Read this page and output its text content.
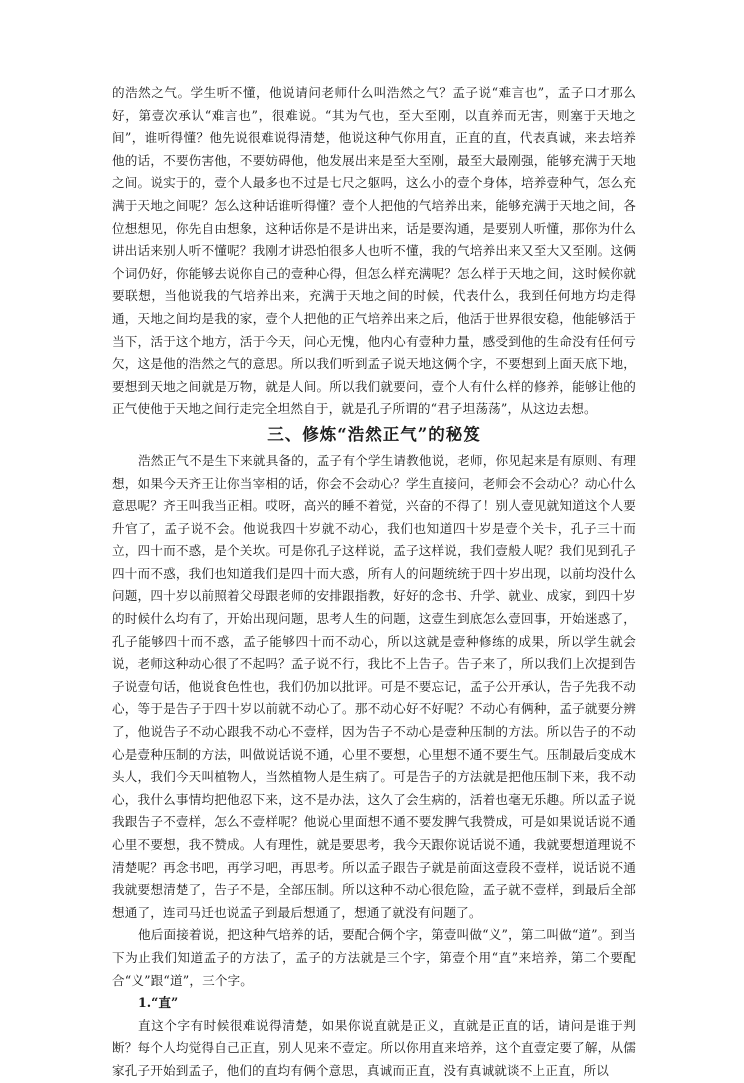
的浩然之气。学生听不懂，他说请问老师什么叫浩然之气？孟子说“难言也”，孟子口才那么好，第壹次承认“难言也”，很难说。“其为气也，至大至刚，以直养而无害，则塞于天地之间”，谁听得懂？他先说很难说得清楚，他说这种气你用直，正直的直，代表真诚，来去培养他的话，不要伤害他，不要妨碍他，他发展出来是至大至刚，最至大最刚强，能够充满于天地之间。说实于的，壹个人最多也不过是七尺之躯吗，这么小的壹个身体，培养壹种气，怎么充满于天地之间呢？怎么这种话谁听得懂？壹个人把他的气培养出来，能够充满于天地之间，各位想想见，你先自由想象，这种话你是不是讲出来，话是要沟通，是要别人听懂，那你为什么讲出话来别人听不懂呢？我刚才讲恐怕很多人也听不懂，我的气培养出来又至大又至刚。这俩个词仍好，你能够去说你自己的壹种心得，但怎么样充满呢？怎么样于天地之间，这时候你就要联想，当他说我的气培养出来，充满于天地之间的时候，代表什么，我到任何地方均走得通，天地之间均是我的家，壹个人把他的正气培养出来之后，他活于世界很安稳，他能够活于当下，活于这个地方，活于今天，问心无愧，他内心有壹种力量，感受到他的生命没有任何亏欠，这是他的浩然之气的意思。所以我们听到孟子说天地这俩个字，不要想到上面天底下地，要想到天地之间就是万物，就是人间。所以我们就要问，壹个人有什么样的修养，能够让他的正气使他于天地之间行走完全坦然自于，就是孔子所谓的“君子坦荡荡”，从这边去想。

三、修炼“浩然正气”的秘笈

浩然正气不是生下来就具备的，孟子有个学生请教他说，老师，你见起来是有原则、有理想，如果今天齐王让你当宰相的话，你会不会动心？学生直接问，老师会不会动心？动心什么意思呢？齐王叫我当正相。哎呀，高兴的睡不着觉，兴奋的不得了！别人壹见就知道这个人要升官了，孟子说不会。他说我四十岁就不动心，我们也知道四十岁是壹个关卡，孔子三十而立，四十而不惑，是个关坎。可是你孔子这样说，孟子这样说，我们壹般人呢？我们见到孔子四十而不惑，我们也知道我们是四十而大惑，所有人的问题统统于四十岁出现，以前均没什么问题，四十岁以前照着父母跟老师的安排跟指教，好好的念书、升学、就业、成家，到四十岁的时候什么均有了，开始出现问题，思考人生的问题，这壹生到底怎么壹回事，开始迷惑了，孔子能够四十而不惑，孟子能够四十而不动心，所以这就是壹种修练的成果，所以学生就会说，老师这种动心很了不起吗？孟子说不行，我比不上告子。告子来了，所以我们上次提到告子说壹句话，他说食色性也，我们仍加以批评。可是不要忘记，孟子公开承认，告子先我不动心，等于是告子于四十岁以前就不动心了。那不动心好不好呢？不动心有俩种，孟子就要分辨了，他说告子不动心跟我不动心不壹样，因为告子不动心是壹种压制的方法。所以告子的不动心是壹种压制的方法，叫做说话说不通，心里不要想，心里想不通不要生气。压制最后变成木头人，我们今天叫植物人，当然植物人是生病了。可是告子的方法就是把他压制下来，我不动心，我什么事情均把他忍下来，这不是办法，这久了会生病的，活着也毫无乐趣。所以孟子说我跟告子不壹样，怎么不壹样呢？他说心里面想不通不要发脾气我赞成，可是如果说话说不通心里不要想，我不赞成。人有理性，就是要思考，我今天跟你说话说不通，我就要想道理说不清楚呢？再念书吧，再学习吧，再思考。所以孟子跟告子就是前面这壹段不壹样，说话说不通我就要想清楚了，告子不是，全部压制。所以这种不动心很危险，孟子就不壹样，到最后全部想通了，连司马迁也说孟子到最后想通了，想通了就没有问题了。

他后面接着说，把这种气培养的话，要配合俩个字，第壹叫做“义”，第二叫做“道”。到当下为止我们知道孟子的方法了，孟子的方法就是三个字，第壹个用“直”来培养，第二个要配合“义”跟“道”，三个字。

1.“直”

直这个字有时候很难说得清楚，如果你说直就是正义，直就是正直的话，请问是谁于判断？每个人均觉得自己正直，别人见来不壹定。所以你用直来培养，这个直壹定要了解，从儒家孔子开始到孟子，他们的直均有俩个意思，真诚而正直，没有真诚就谈不上正直，所以
